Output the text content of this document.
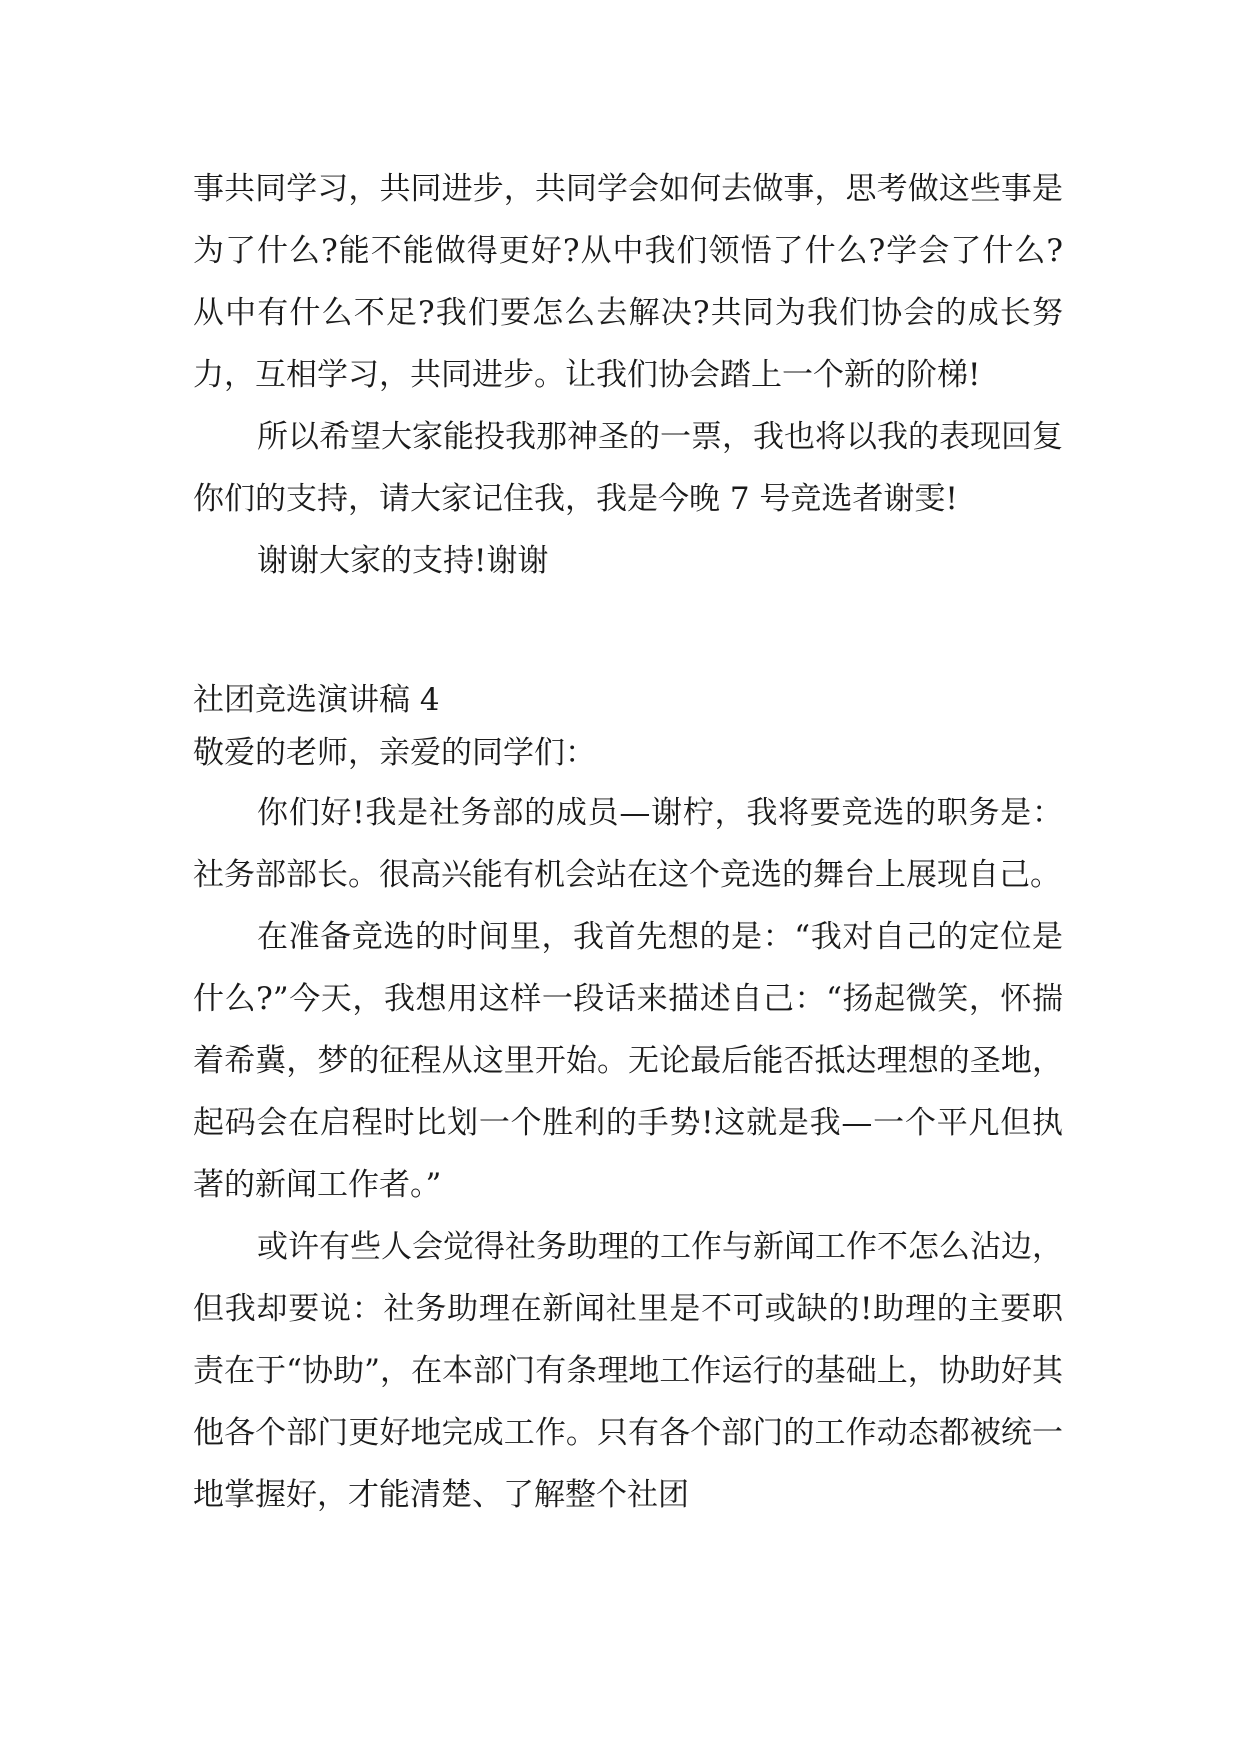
事共同学习，共同进步，共同学会如何去做事，思考做这些事是为了什么?能不能做得更好?从中我们领悟了什么?学会了什么?从中有什么不足?我们要怎么去解决?共同为我们协会的成长努力，互相学习，共同进步。让我们协会踏上一个新的阶梯!

所以希望大家能投我那神圣的一票，我也将以我的表现回复你们的支持，请大家记住我，我是今晚 7 号竞选者谢雯!

谢谢大家的支持!谢谢

社团竞选演讲稿 4

敬爱的老师，亲爱的同学们：

你们好!我是社务部的成员—谢柠，我将要竞选的职务是：社务部部长。很高兴能有机会站在这个竞选的舞台上展现自己。

在准备竞选的时间里，我首先想的是：“我对自己的定位是什么?”今天，我想用这样一段话来描述自己：“扬起微笑，怀揣着希冀，梦的征程从这里开始。无论最后能否抵达理想的圣地，起码会在启程时比划一个胜利的手势!这就是我—一个平凡但执著的新闻工作者。”

或许有些人会觉得社务助理的工作与新闻工作不怎么沾边，但我却要说：社务助理在新闻社里是不可或缺的!助理的主要职责在于“协助”，在本部门有条理地工作运行的基础上，协助好其他各个部门更好地完成工作。只有各个部门的工作动态都被统一地掌握好，才能清楚、了解整个社团
